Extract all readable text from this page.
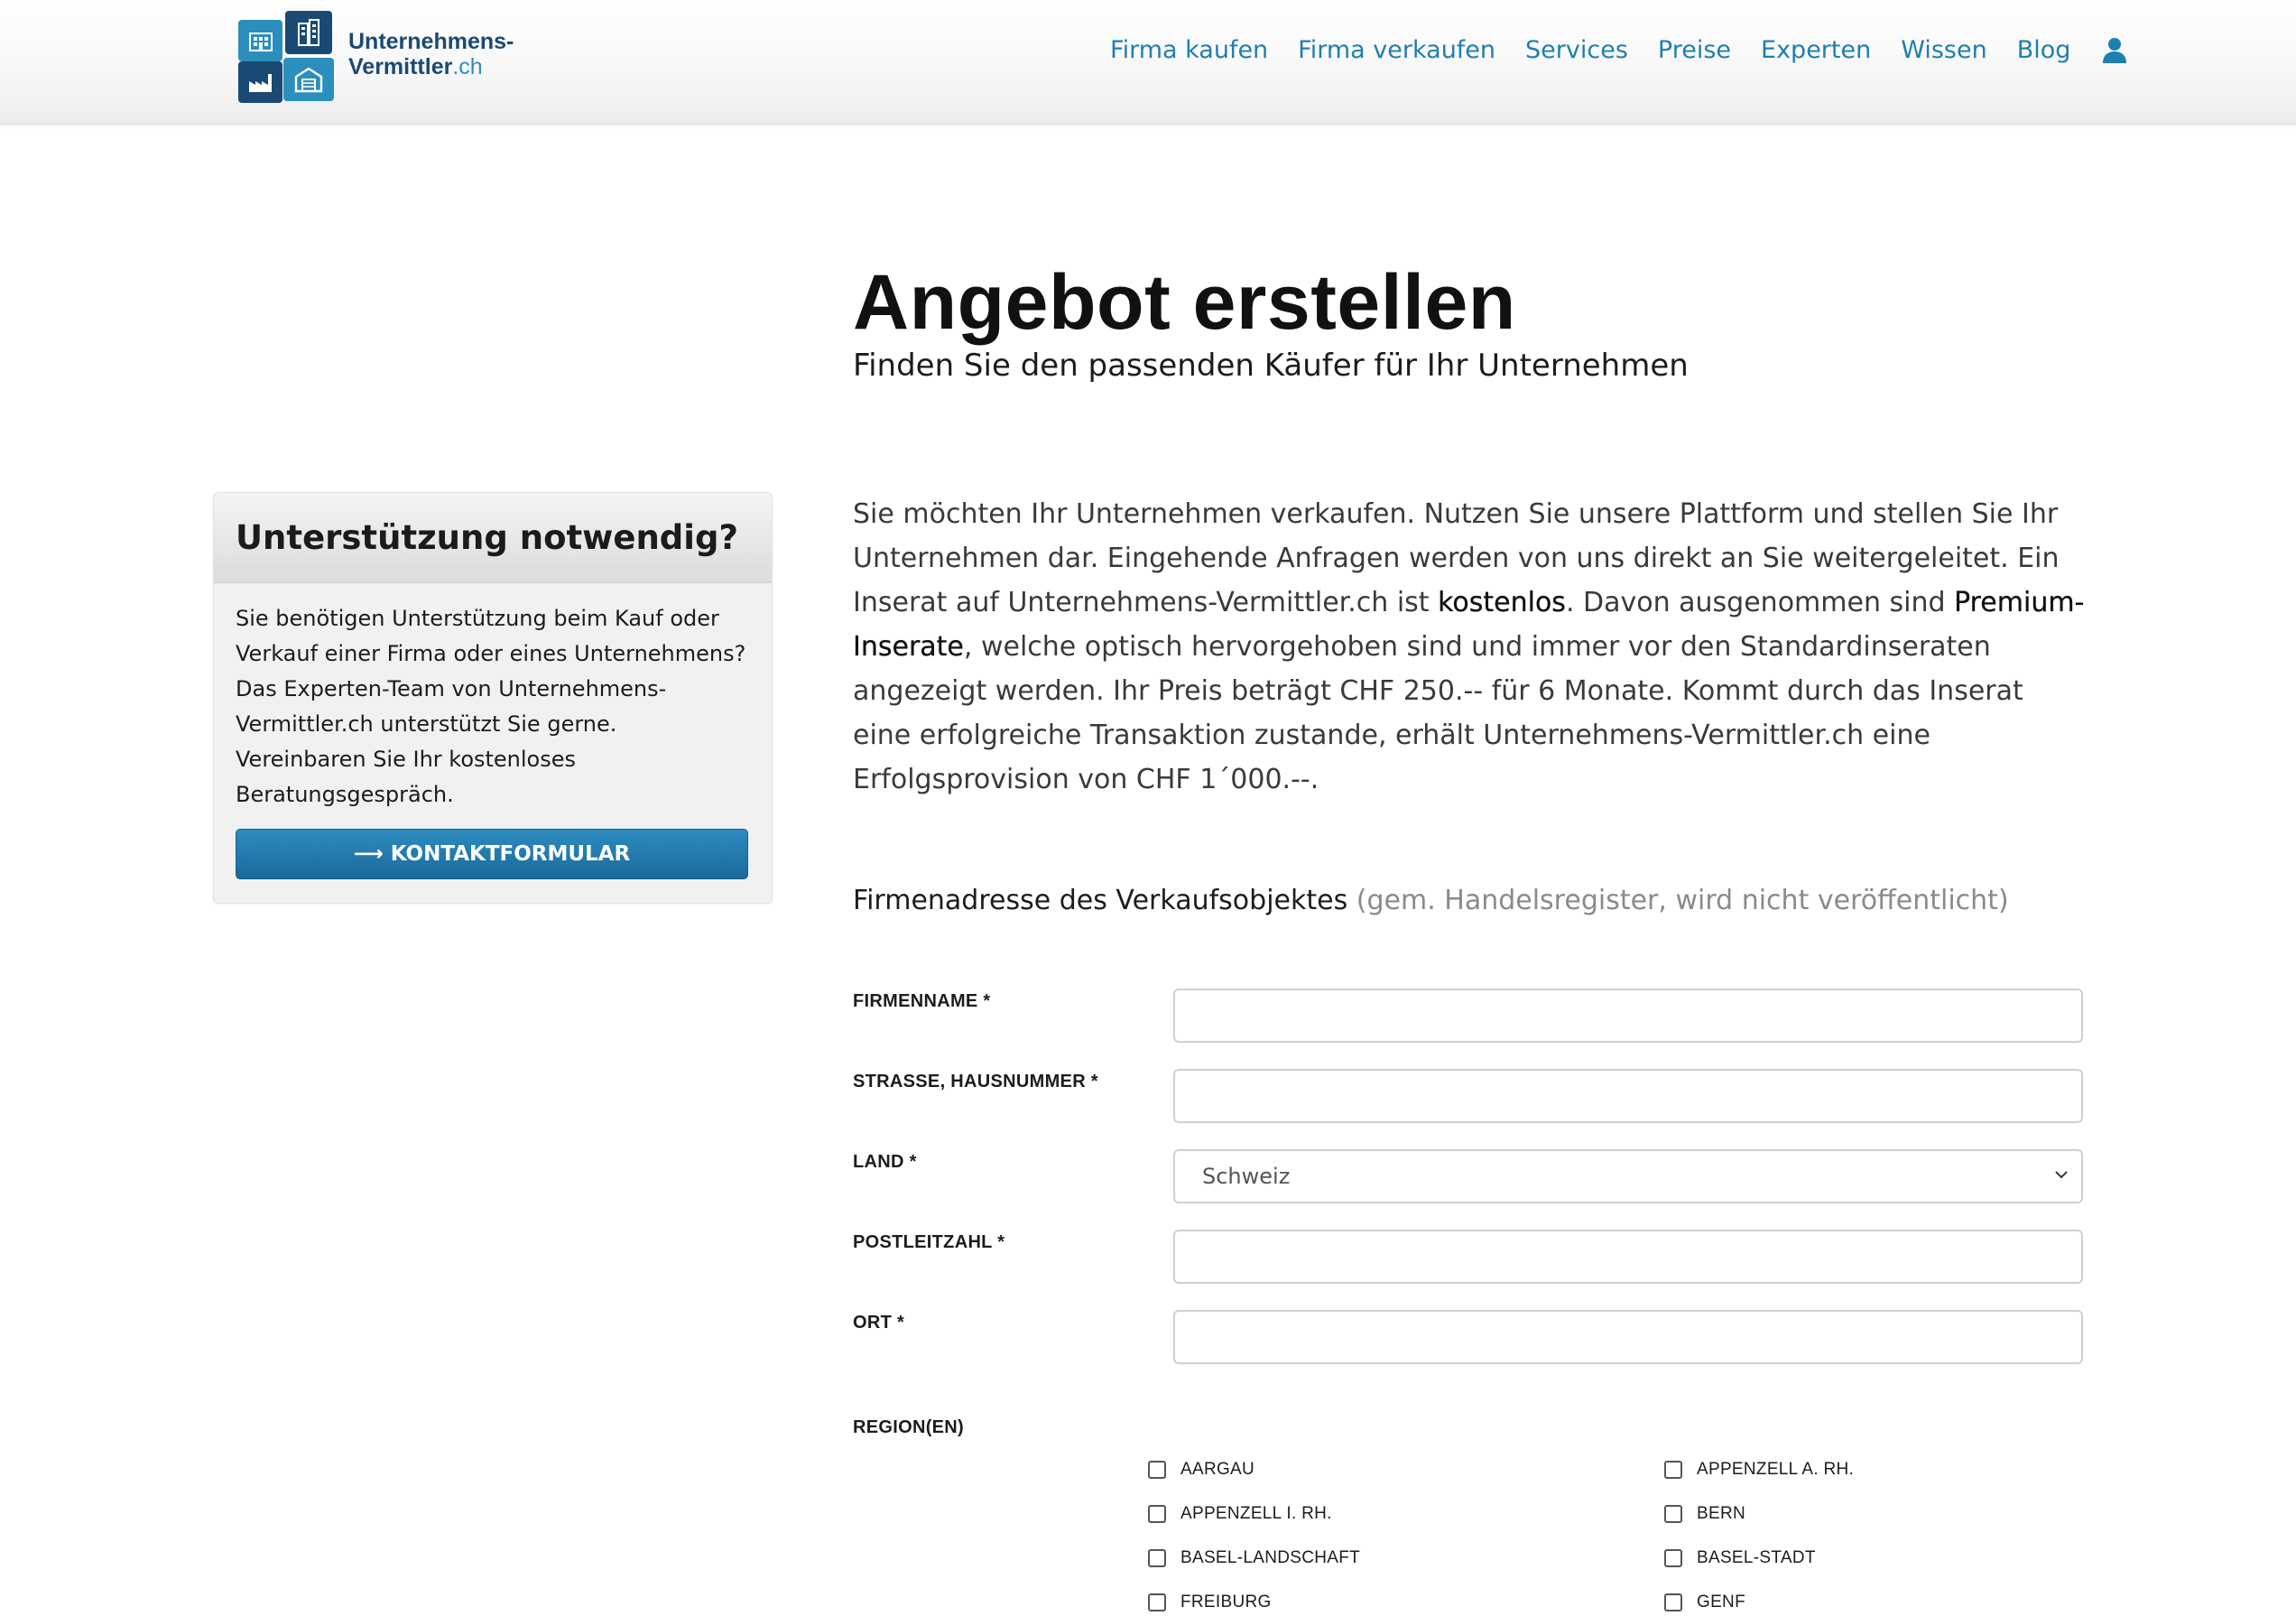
Unternehmens-
Vermittler.ch
Firma kaufen Firma verkaufen Services Preise Experten Wissen Blog
Angebot erstellen
Finden Sie den passenden Käufer für Ihr Unternehmen
Unterstützung notwendig?
Sie benötigen Unterstützung beim Kauf oder Verkauf einer Firma oder eines Unternehmens? Das Experten-Team von Unternehmens-Vermittler.ch unterstützt Sie gerne. Vereinbaren Sie Ihr kostenloses Beratungsgespräch.
⟶ KONTAKTFORMULAR
Sie möchten Ihr Unternehmen verkaufen. Nutzen Sie unsere Plattform und stellen Sie Ihr Unternehmen dar. Eingehende Anfragen werden von uns direkt an Sie weitergeleitet. Ein Inserat auf Unternehmens-Vermittler.ch ist kostenlos. Davon ausgenommen sind Premium-Inserate, welche optisch hervorgehoben sind und immer vor den Standardinseraten angezeigt werden. Ihr Preis beträgt CHF 250.-- für 6 Monate. Kommt durch das Inserat eine erfolgreiche Transaktion zustande, erhält Unternehmens-Vermittler.ch eine Erfolgsprovision von CHF 1´000.--.
Firmenadresse des Verkaufsobjektes (gem. Handelsregister, wird nicht veröffentlicht)
FIRMENNAME *
STRASSE, HAUSNUMMER *
LAND *
Schweiz
POSTLEITZAHL *
ORT *
REGION(EN)
AARGAU	APPENZELL A. RH.
APPENZELL I. RH.	BERN
BASEL-LANDSCHAFT	BASEL-STADT
FREIBURG	GENF
